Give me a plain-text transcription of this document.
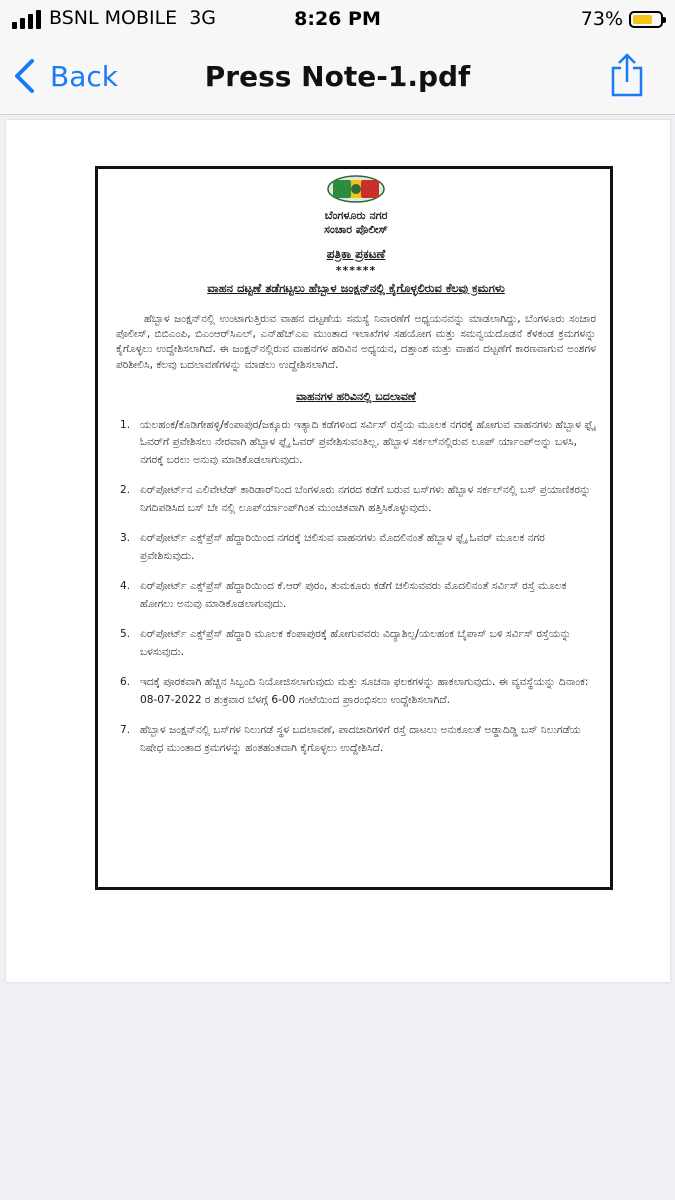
BSNL MOBILE 3G	8:26 PM	73%
Back	Press Note-1.pdf
ಬೆಂಗಳೂರು ನಗರ
ಸಂಚಾರ ಪೊಲೀಸ್
ಪತ್ರಿಕಾ ಪ್ರಕಟಣೆ
******
ವಾಹನ ದಟ್ಟಣೆ ತಡೆಗಟ್ಟಲು ಹೆಬ್ಬಾಳ ಜಂಕ್ಷನ್‌ನಲ್ಲಿ ಕೈಗೊಳ್ಳಲಿರುವ ಕೆಲವು ಕ್ರಮಗಳು
ಹೆಬ್ಬಾಳ ಜಂಕ್ಷನ್‌ನಲ್ಲಿ ಉಂಟಾಗುತ್ತಿರುವ ವಾಹನ ದಟ್ಟಣೆಯ ಸಮಸ್ಯೆ ನಿವಾರಣೆಗೆ ಅಧ್ಯಯನವನ್ನು ಮಾಡಲಾಗಿದ್ದು, ಬೆಂಗಳೂರು ಸಂಚಾರ ಪೊಲೀಸ್, ಬಿಬಿಎಂಪಿ, ಬಿಎಂಆರ್‌ಸಿಎಲ್, ಎನ್‌ಹೆಚ್‌ಎಐ ಮುಂತಾದ ಇಲಾಖೆಗಳ ಸಹಯೋಗ ಮತ್ತು ಸಮನ್ವಯದೊಡನೆ ಕೆಳಕಂಡ ಕ್ರಮಗಳನ್ನು ಕೈಗೊಳ್ಳಲು ಉದ್ದೇಶಿಸಲಾಗಿದೆ. ಈ ಜಂಕ್ಷನ್‌ನಲ್ಲಿರುವ ವಾಹನಗಳ ಹರಿವಿನ ಅಧ್ಯಯನ, ದತ್ತಾಂಶ ಮತ್ತು ವಾಹನ ದಟ್ಟಣೆಗೆ ಕಾರಣವಾಗುವ ಅಂಶಗಳ ಪರಿಶೀಲಿಸಿ, ಕೆಲವು ಬದಲಾವಣೆಗಳನ್ನು ಮಾಡಲು ಉದ್ದೇಶಿಸಲಾಗಿದೆ.
ವಾಹನಗಳ ಹರಿವಿನಲ್ಲಿ ಬದಲಾವಣೆ
1. ಯಲಹಂಕ/ಕೊಡಿಗೇಹಳ್ಳಿ/ಕೆಂಪಾಪುರ/ಜಕ್ಕೂರು ಇತ್ಯಾದಿ ಕಡೆಗಳಿಂದ ಸರ್ವಿಸ್ ರಸ್ತೆಯ ಮೂಲಕ ನಗರಕ್ಕೆ ಹೋಗುವ ವಾಹನಗಳು ಹೆಬ್ಬಾಳ ಫ್ಲೈ ಓವರ್‌ಗೆ ಪ್ರವೇಶಿಸಲು ನೇರವಾಗಿ ಹೆಬ್ಬಾಳ ಫ್ಲೈ ಓವರ್ ಪ್ರವೇಶಿಸುವಂತಿಲ್ಲ. ಹೆಬ್ಬಾಳ ಸರ್ಕಲ್‌ನಲ್ಲಿರುವ ಲೂಪ್ ರ್ಯಾಂಪ್‌ಅನ್ನು ಬಳಸಿ, ನಗರಕ್ಕೆ ಬರಲು ಅನುವು ಮಾಡಿಕೊಡಲಾಗುವುದು.
2. ಏರ್‌ಪೋರ್ಟ್‌ನ ಎಲಿವೇಟೆಡ್ ಕಾರಿಡಾರ್‌ನಿಂದ ಬೆಂಗಳೂರು ನಗರದ ಕಡೆಗೆ ಬರುವ ಬಸ್‌ಗಳು ಹೆಬ್ಬಾಳ ಸರ್ಕಲ್‌ನಲ್ಲಿ ಬಸ್ ಪ್ರಯಾಣಿಕರನ್ನು ನಿಗದಿಪಡಿಸಿದ ಬಸ್ ಬೇ ನಲ್ಲಿ ಲೂಪ್‌ರ್ಯಾಂಪ್‌ಗಿಂತ ಮುಂಚಿತವಾಗಿ ಹತ್ತಿಸಿಕೊಳ್ಳುವುದು.
3. ಏರ್‌ಪೋರ್ಟ್ ಎಕ್ಸ್‌ಪ್ರೆಸ್ ಹೆದ್ದಾರಿಯಿಂದ ನಗರಕ್ಕೆ ಚಲಿಸುವ ವಾಹನಗಳು ಮೊದಲಿನಂತೆ ಹೆಬ್ಬಾಳ ಫ್ಲೈ ಓವರ್ ಮೂಲಕ ನಗರ ಪ್ರವೇಶಿಸುವುದು.
4. ಏರ್‌ಪೋರ್ಟ್ ಎಕ್ಸ್‌ಪ್ರೆಸ್ ಹೆದ್ದಾರಿಯಿಂದ ಕೆ.ಆರ್ ಪುರಂ, ತುಮಕೂರು ಕಡೆಗೆ ಚಲಿಸುವವರು ಮೊದಲಿನಂತೆ ಸರ್ವಿಸ್ ರಸ್ತೆ ಮೂಲಕ ಹೋಗಲು ಅನುವು ಮಾಡಿಕೊಡಲಾಗುವುದು.
5. ಏರ್‌ಪೋರ್ಟ್ ಎಕ್ಸ್‌ಪ್ರೆಸ್ ಹೆದ್ದಾರಿ ಮೂಲಕ ಕೆಂಪಾಪುರಕ್ಕೆ ಹೋಗುವವರು ವಿದ್ಯಾಶಿಲ್ಪ/ಯಲಹಂಕ ಬೈಪಾಸ್ ಬಳಿ ಸರ್ವಿಸ್ ರಸ್ತೆಯನ್ನು ಬಳಸುವುದು.
6. ಇದಕ್ಕೆ ಪೂರಕವಾಗಿ ಹೆಚ್ಚಿನ ಸಿಬ್ಬಂದಿ ನಿಯೋಜಿಸಲಾಗುವುದು ಮತ್ತು ಸೂಚನಾ ಫಲಕಗಳನ್ನು ಹಾಕಲಾಗುವುದು. ಈ ವ್ಯವಸ್ಥೆಯನ್ನು ದಿನಾಂಕ: 08-07-2022 ರ ಶುಕ್ರವಾರ ಬೆಳಗ್ಗೆ 6-00 ಗಂಟೆಯಿಂದ ಪ್ರಾರಂಭಿಸಲು ಉದ್ದೇಶಿಸಲಾಗಿದೆ.
7. ಹೆಬ್ಬಾಳ ಜಂಕ್ಷನ್‌ನಲ್ಲಿ ಬಸ್‌ಗಳ ನಿಲುಗಡೆ ಸ್ಥಳ ಬದಲಾವಣೆ, ಪಾದಚಾರಿಗಳಿಗೆ ರಸ್ತೆ ದಾಟಲು ಅನುಕೂಲತೆ ಅಡ್ಡಾದಿಡ್ಡಿ ಬಸ್ ನಿಲುಗಡೆಯ ನಿಷೇಧ ಮುಂತಾದ ಕ್ರಮಗಳನ್ನು ಹಂತಹಂತವಾಗಿ ಕೈಗೊಳ್ಳಲು ಉದ್ದೇಶಿಸಿದೆ.
